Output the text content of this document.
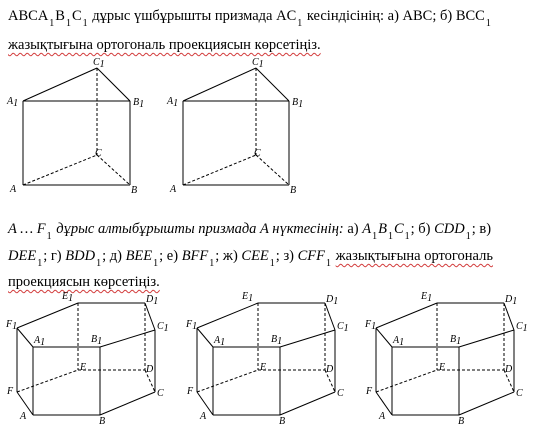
$ABCA_1B_1C_1$ дұрыс үшбұрышты призмада $AC_1$ кесіндісінің: а) ABC; б) $BCC_1$
жазықтығына ортогональ проекциясын көрсетіңіз.
C1
A1	B1
C
A	B
C1
A1	B1
C
A	B
A … $F_1$ дұрыс алтыбұрышты призмада A нүктесінің: а) $A_1B_1C_1$; б) $CDD_1$; в)
$DEE_1$; г) $BDD_1$; д) $BEE_1$; е) $BFF_1$; ж) $CEE_1$; з) $CFF_1$ жазықтығына ортогональ
проекциясын көрсетіңіз.
E1	D1
F1	C1
A1	B1
E	D
F	C
A	B
E1	D1
F1	C1
A1	B1
E	D
F	C
A	B
E1	D1
F1	C1
A1	B1
E	D
F	C
A	B
